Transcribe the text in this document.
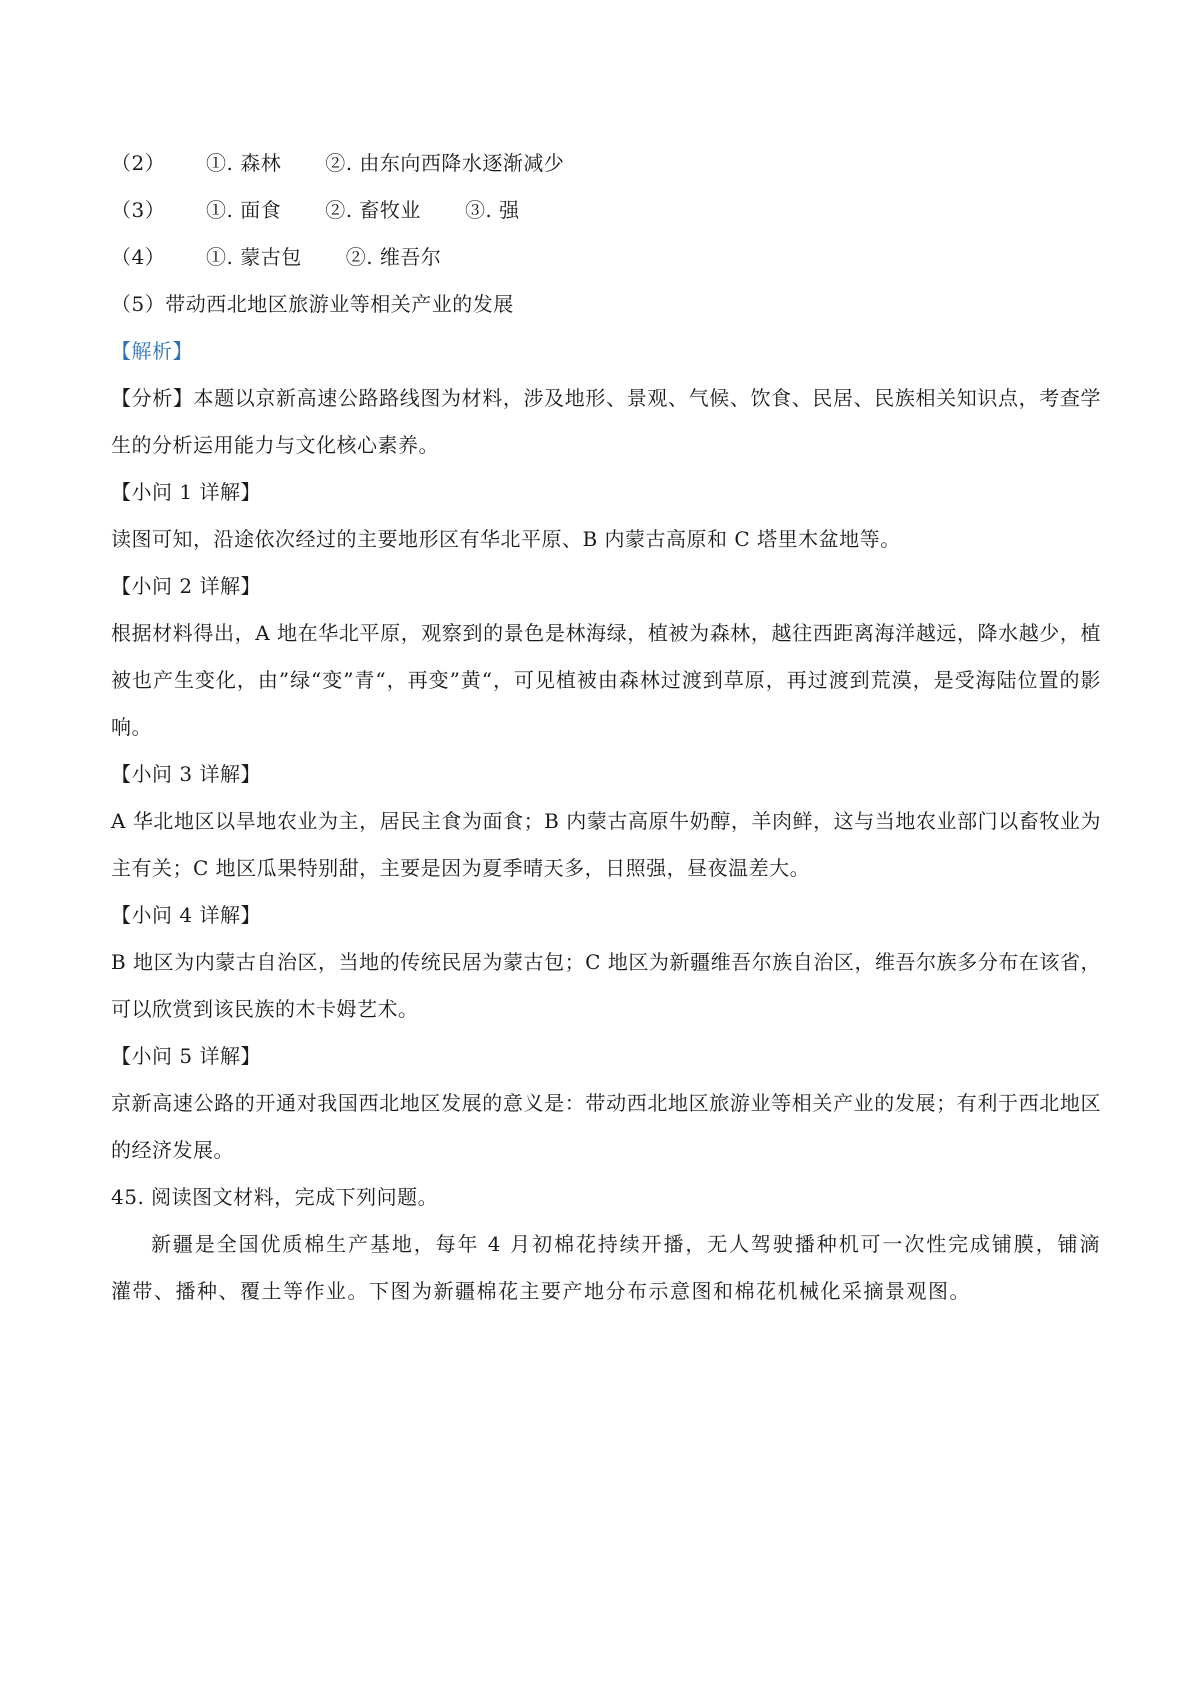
（2）	①. 森林 ②. 由东向西降水逐渐减少
（3）	①. 面食 ②. 畜牧业 ③. 强
（4）	①. 蒙古包 ②. 维吾尔
（5）带动西北地区旅游业等相关产业的发展
【解析】
【分析】本题以京新高速公路路线图为材料，涉及地形、景观、气候、饮食、民居、民族相关知识点，考查学生的分析运用能力与文化核心素养。
【小问 1 详解】
读图可知，沿途依次经过的主要地形区有华北平原、B 内蒙古高原和 C 塔里木盆地等。
【小问 2 详解】
根据材料得出，A 地在华北平原，观察到的景色是林海绿，植被为森林，越往西距离海洋越远，降水越少，植被也产生变化，由”绿“变”青“，再变”黄“，可见植被由森林过渡到草原，再过渡到荒漠，是受海陆位置的影响。
【小问 3 详解】
A 华北地区以旱地农业为主，居民主食为面食；B 内蒙古高原牛奶醇，羊肉鲜，这与当地农业部门以畜牧业为主有关；C 地区瓜果特别甜，主要是因为夏季晴天多，日照强，昼夜温差大。
【小问 4 详解】
B 地区为内蒙古自治区，当地的传统民居为蒙古包；C 地区为新疆维吾尔族自治区，维吾尔族多分布在该省，可以欣赏到该民族的木卡姆艺术。
【小问 5 详解】
京新高速公路的开通对我国西北地区发展的意义是：带动西北地区旅游业等相关产业的发展；有利于西北地区的经济发展。
45. 阅读图文材料，完成下列问题。
新疆是全国优质棉生产基地，每年 4 月初棉花持续开播，无人驾驶播种机可一次性完成铺膜，铺滴灌带、播种、覆土等作业。下图为新疆棉花主要产地分布示意图和棉花机械化采摘景观图。
